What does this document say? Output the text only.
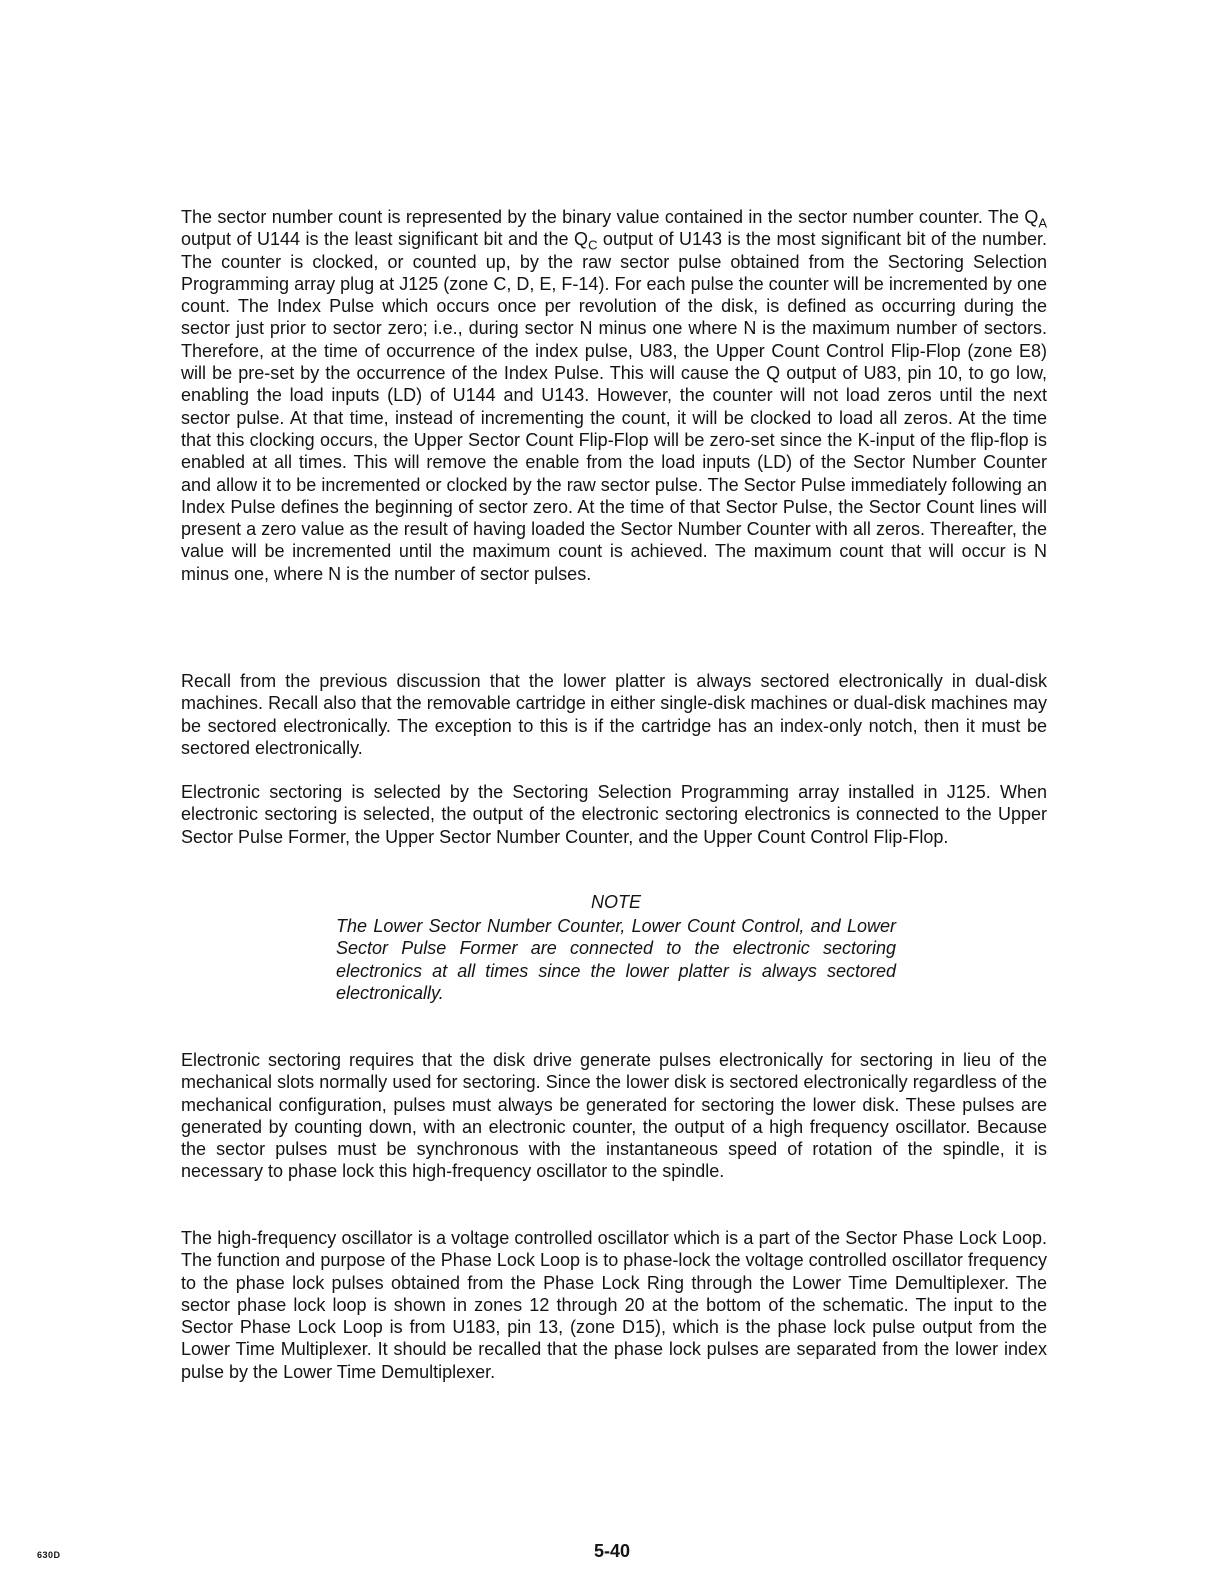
The sector number count is represented by the binary value contained in the sector number counter. The $Q_A$ output of U144 is the least significant bit and the $Q_C$ output of U143 is the most significant bit of the number. The counter is clocked, or counted up, by the raw sector pulse obtained from the Sectoring Selection Programming array plug at J125 (zone C, D, E, F-14). For each pulse the counter will be incremented by one count. The Index Pulse which occurs once per revolution of the disk, is defined as occurring during the sector just prior to sector zero; i.e., during sector N minus one where N is the maximum number of sectors. Therefore, at the time of occurrence of the index pulse, U83, the Upper Count Control Flip-Flop (zone E8) will be pre-set by the occurrence of the Index Pulse. This will cause the Q output of U83, pin 10, to go low, enabling the load inputs (LD) of U144 and U143. However, the counter will not load zeros until the next sector pulse. At that time, instead of incrementing the count, it will be clocked to load all zeros. At the time that this clocking occurs, the Upper Sector Count Flip-Flop will be zero-set since the K-input of the flip-flop is enabled at all times. This will remove the enable from the load inputs (LD) of the Sector Number Counter and allow it to be incremented or clocked by the raw sector pulse. The Sector Pulse immediately following an Index Pulse defines the beginning of sector zero. At the time of that Sector Pulse, the Sector Count lines will present a zero value as the result of having loaded the Sector Number Counter with all zeros. Thereafter, the value will be incremented until the maximum count is achieved. The maximum count that will occur is N minus one, where N is the number of sector pulses.

Recall from the previous discussion that the lower platter is always sectored electronically in dual-disk machines. Recall also that the removable cartridge in either single-disk machines or dual-disk machines may be sectored electronically. The exception to this is if the cartridge has an index-only notch, then it must be sectored electronically.

Electronic sectoring is selected by the Sectoring Selection Programming array installed in J125. When electronic sectoring is selected, the output of the electronic sectoring electronics is connected to the Upper Sector Pulse Former, the Upper Sector Number Counter, and the Upper Count Control Flip-Flop.

NOTE

The Lower Sector Number Counter, Lower Count Control, and Lower Sector Pulse Former are connected to the electronic sectoring electronics at all times since the lower platter is always sectored electronically.

Electronic sectoring requires that the disk drive generate pulses electronically for sectoring in lieu of the mechanical slots normally used for sectoring. Since the lower disk is sectored electronically regardless of the mechanical configuration, pulses must always be generated for sectoring the lower disk. These pulses are generated by counting down, with an electronic counter, the output of a high frequency oscillator. Because the sector pulses must be synchronous with the instantaneous speed of rotation of the spindle, it is necessary to phase lock this high-frequency oscillator to the spindle.

The high-frequency oscillator is a voltage controlled oscillator which is a part of the Sector Phase Lock Loop. The function and purpose of the Phase Lock Loop is to phase-lock the voltage controlled oscillator frequency to the phase lock pulses obtained from the Phase Lock Ring through the Lower Time Demultiplexer. The sector phase lock loop is shown in zones 12 through 20 at the bottom of the schematic. The input to the Sector Phase Lock Loop is from U183, pin 13, (zone D15), which is the phase lock pulse output from the Lower Time Multiplexer. It should be recalled that the phase lock pulses are separated from the lower index pulse by the Lower Time Demultiplexer.

630D	5-40
